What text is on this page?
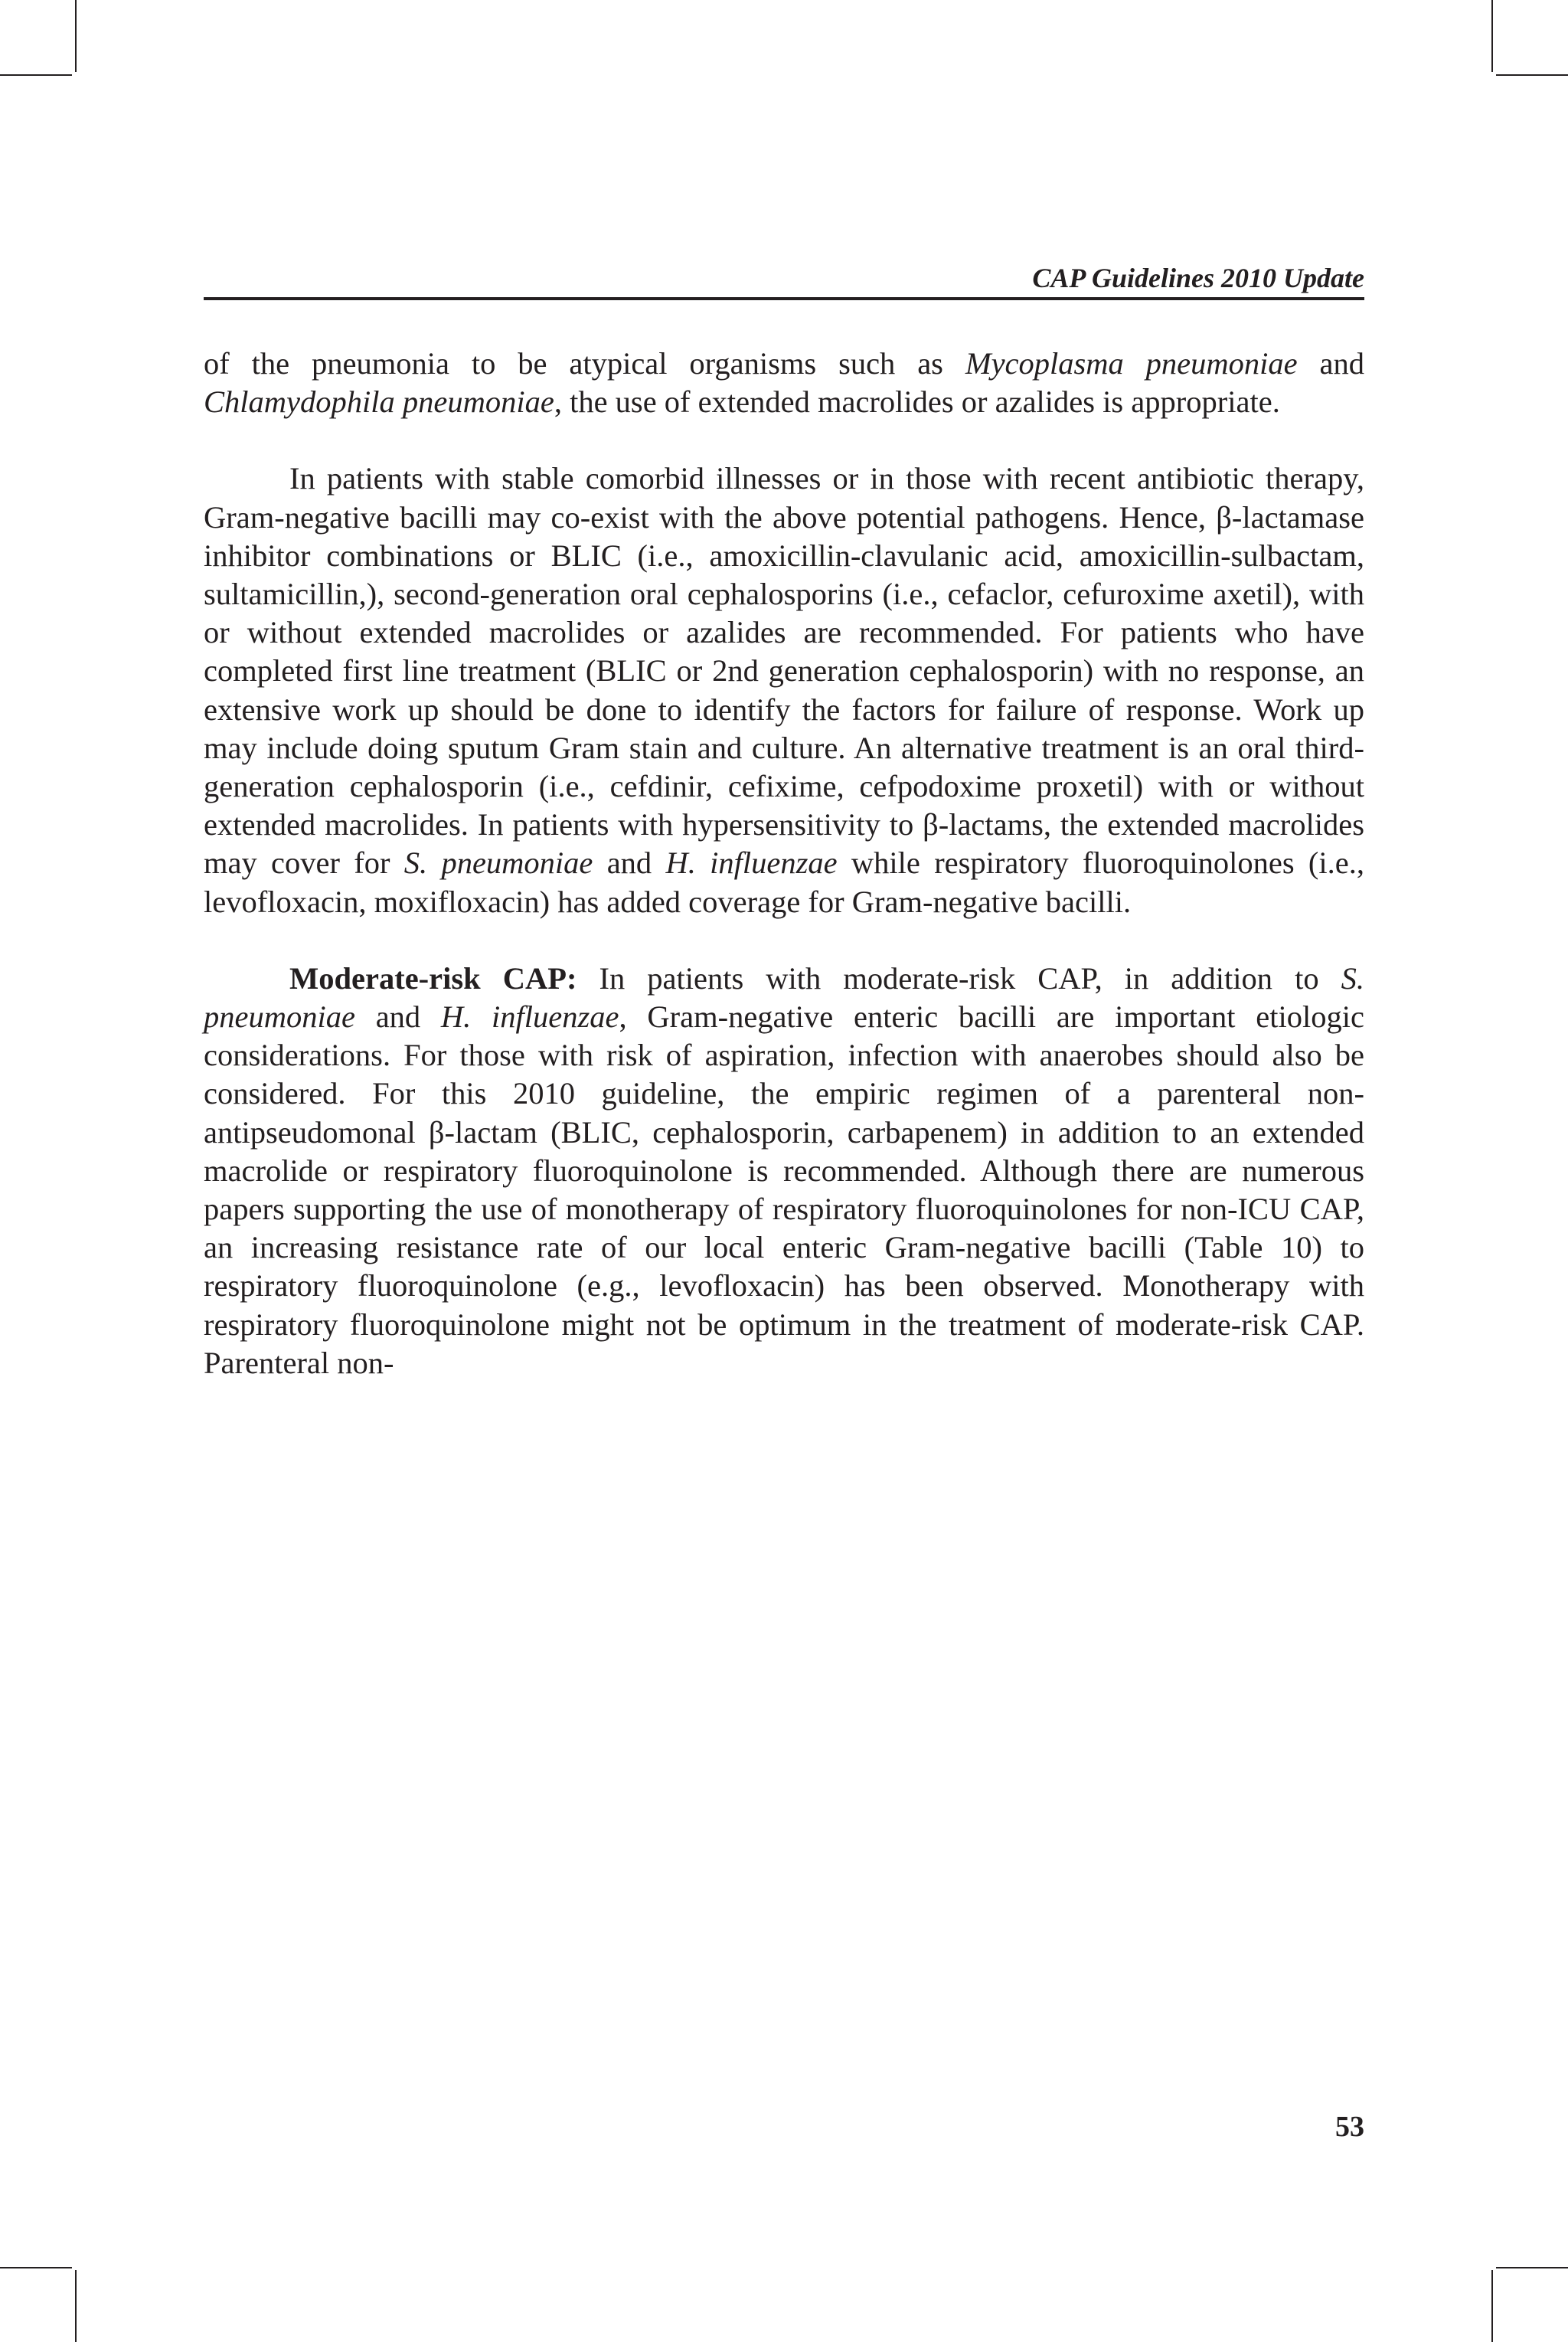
CAP Guidelines 2010 Update

of the pneumonia to be atypical organisms such as Mycoplasma pneumoniae and Chlamydophila pneumoniae, the use of extended macrolides or azalides is appropriate.

In patients with stable comorbid illnesses or in those with recent antibiotic therapy, Gram-negative bacilli may co-exist with the above potential pathogens. Hence, β-lactamase inhibitor combinations or BLIC (i.e., amoxicillin-clavulanic acid, amoxicillin-sulbactam, sultamicillin,), second-generation oral cephalosporins (i.e., cefaclor, cefuroxime axetil), with or without extended macrolides or azalides are recommended. For patients who have completed first line treatment (BLIC or 2nd generation cephalosporin) with no response, an extensive work up should be done to identify the factors for failure of response. Work up may include doing sputum Gram stain and culture. An alternative treatment is an oral third-generation cephalosporin (i.e., cefdinir, cefixime, cefpodoxime proxetil) with or without extended macrolides. In patients with hypersensitivity to β-lactams, the extended macrolides may cover for S. pneumoniae and H. influenzae while respiratory fluoroquinolones (i.e., levofloxacin, moxifloxacin) has added coverage for Gram-negative bacilli.

Moderate-risk CAP: In patients with moderate-risk CAP, in addition to S. pneumoniae and H. influenzae, Gram-negative enteric bacilli are important etiologic considerations. For those with risk of aspiration, infection with anaerobes should also be considered. For this 2010 guideline, the empiric regimen of a parenteral non-antipseudomonal β-lactam (BLIC, cephalosporin, carbapenem) in addition to an extended macrolide or respiratory fluoroquinolone is recommended. Although there are numerous papers supporting the use of monotherapy of respiratory fluoroquinolones for non-ICU CAP, an increasing resistance rate of our local enteric Gram-negative bacilli (Table 10) to respiratory fluoroquinolone (e.g., levofloxacin) has been observed. Monotherapy with respiratory fluoroquinolone might not be optimum in the treatment of moderate-risk CAP. Parenteral non-

53
